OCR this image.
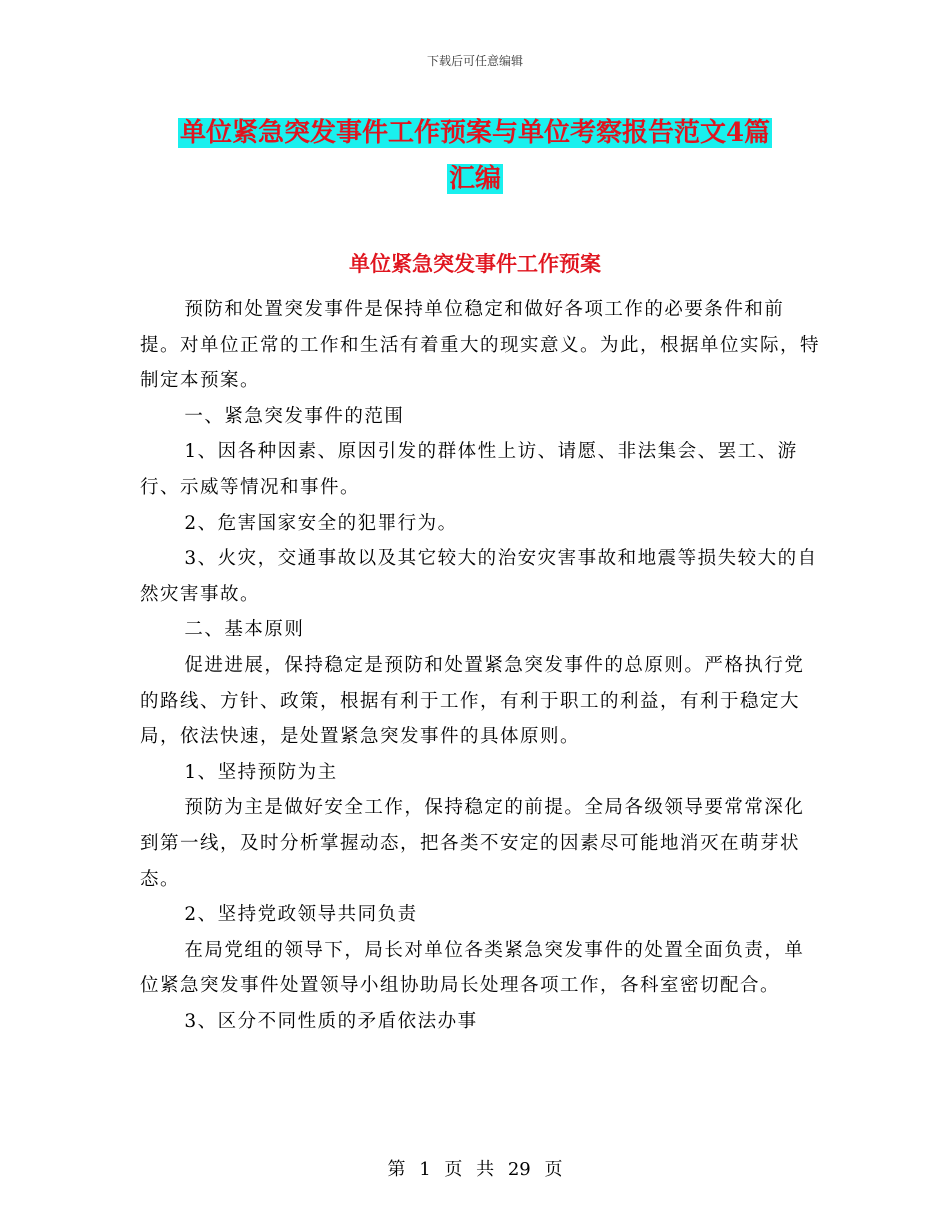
下载后可任意编辑
单位紧急突发事件工作预案与单位考察报告范文4篇
汇编
单位紧急突发事件工作预案

预防和处置突发事件是保持单位稳定和做好各项工作的必要条件和前提。对单位正常的工作和生活有着重大的现实意义。为此，根据单位实际，特制定本预案。

一、紧急突发事件的范围

1、因各种因素、原因引发的群体性上访、请愿、非法集会、罢工、游行、示威等情况和事件。

2、危害国家安全的犯罪行为。

3、火灾，交通事故以及其它较大的治安灾害事故和地震等损失较大的自然灾害事故。

二、基本原则

促进进展，保持稳定是预防和处置紧急突发事件的总原则。严格执行党的路线、方针、政策，根据有利于工作，有利于职工的利益，有利于稳定大局，依法快速，是处置紧急突发事件的具体原则。

1、坚持预防为主

预防为主是做好安全工作，保持稳定的前提。全局各级领导要常常深化到第一线，及时分析掌握动态，把各类不安定的因素尽可能地消灭在萌芽状态。

2、坚持党政领导共同负责

在局党组的领导下，局长对单位各类紧急突发事件的处置全面负责，单位紧急突发事件处置领导小组协助局长处理各项工作，各科室密切配合。

3、区分不同性质的矛盾依法办事

第 1 页 共 29 页
